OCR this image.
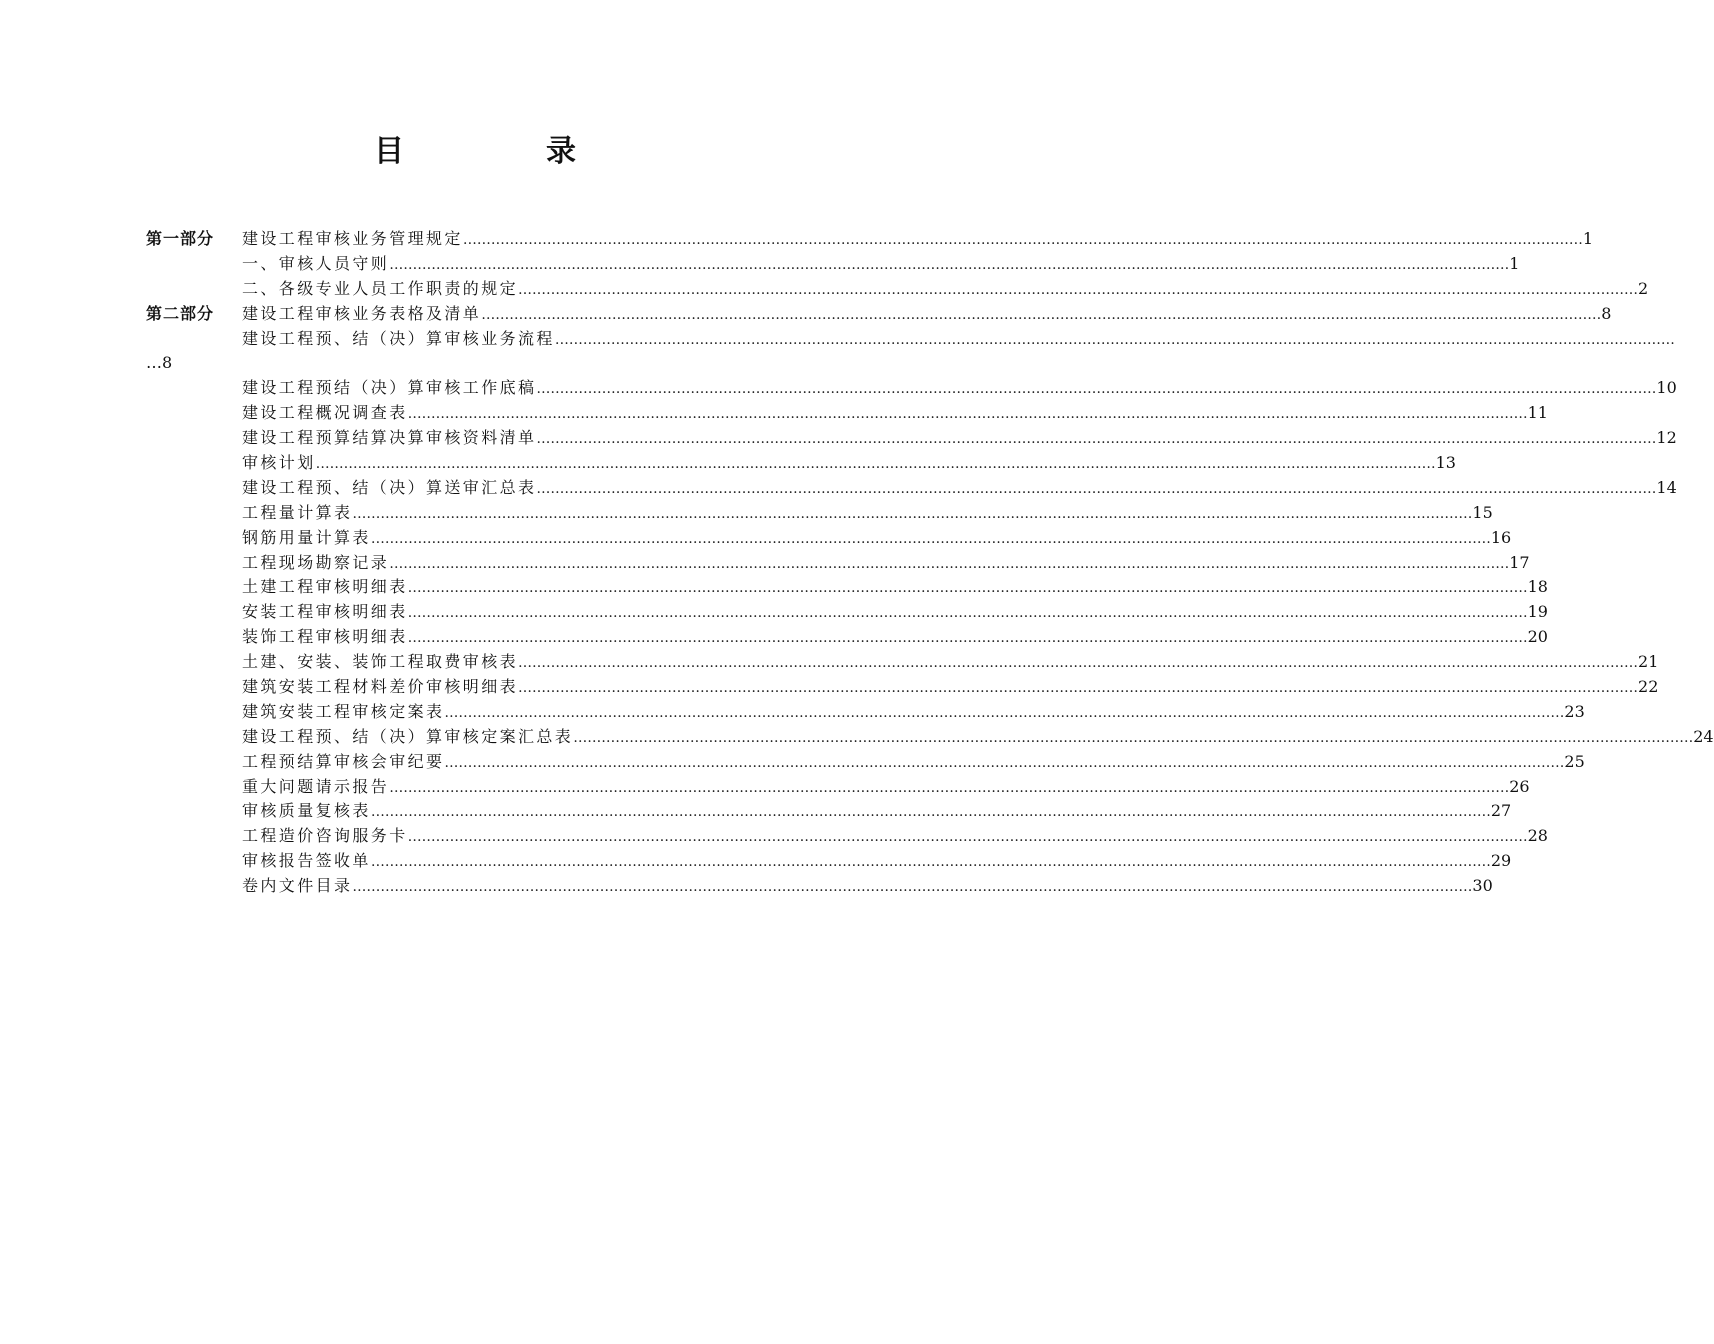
目　录
第一部分 建设工程审核业务管理规定 …………………………………………………………………………………………………………………………………………………………………………………………………………………… 1
一、审核人员守则 …………………………………………………………………………………………………………………………………………………………………………………………………………………… 1
二、各级专业人员工作职责的规定 …………………………………………………………………………………………………………………………………………………………………………………………………………………… 2
第二部分 建设工程审核业务表格及清单 …………………………………………………………………………………………………………………………………………………………………………………………………………………… 8
建设工程预、结（决）算审核业务流程 ……………………………………………………………………………………………………………………………………………………………………………………………………………………
…8
建设工程预结（决）算审核工作底稿 …………………………………………………………………………………………………………………………………………………………………………………………………………………… 10
建设工程概况调查表 …………………………………………………………………………………………………………………………………………………………………………………………………………………… 11
建设工程预算结算决算审核资料清单 …………………………………………………………………………………………………………………………………………………………………………………………………………………… 12
审核计划 …………………………………………………………………………………………………………………………………………………………………………………………………………………… 13
建设工程预、结（决）算送审汇总表 …………………………………………………………………………………………………………………………………………………………………………………………………………………… 14
工程量计算表 …………………………………………………………………………………………………………………………………………………………………………………………………………………… 15
钢筋用量计算表 …………………………………………………………………………………………………………………………………………………………………………………………………………………… 16
工程现场勘察记录 …………………………………………………………………………………………………………………………………………………………………………………………………………………… 17
土建工程审核明细表 …………………………………………………………………………………………………………………………………………………………………………………………………………………… 18
安装工程审核明细表 …………………………………………………………………………………………………………………………………………………………………………………………………………………… 19
装饰工程审核明细表 …………………………………………………………………………………………………………………………………………………………………………………………………………………… 20
土建、安装、装饰工程取费审核表 …………………………………………………………………………………………………………………………………………………………………………………………………………………… 21
建筑安装工程材料差价审核明细表 …………………………………………………………………………………………………………………………………………………………………………………………………………………… 22
建筑安装工程审核定案表 …………………………………………………………………………………………………………………………………………………………………………………………………………………… 23
建设工程预、结（决）算审核定案汇总表 …………………………………………………………………………………………………………………………………………………………………………………………………………………… 24
工程预结算审核会审纪要 …………………………………………………………………………………………………………………………………………………………………………………………………………………… 25
重大问题请示报告 …………………………………………………………………………………………………………………………………………………………………………………………………………………… 26
审核质量复核表 …………………………………………………………………………………………………………………………………………………………………………………………………………………… 27
工程造价咨询服务卡 …………………………………………………………………………………………………………………………………………………………………………………………………………………… 28
审核报告签收单 …………………………………………………………………………………………………………………………………………………………………………………………………………………… 29
卷内文件目录 …………………………………………………………………………………………………………………………………………………………………………………………………………………… 30
